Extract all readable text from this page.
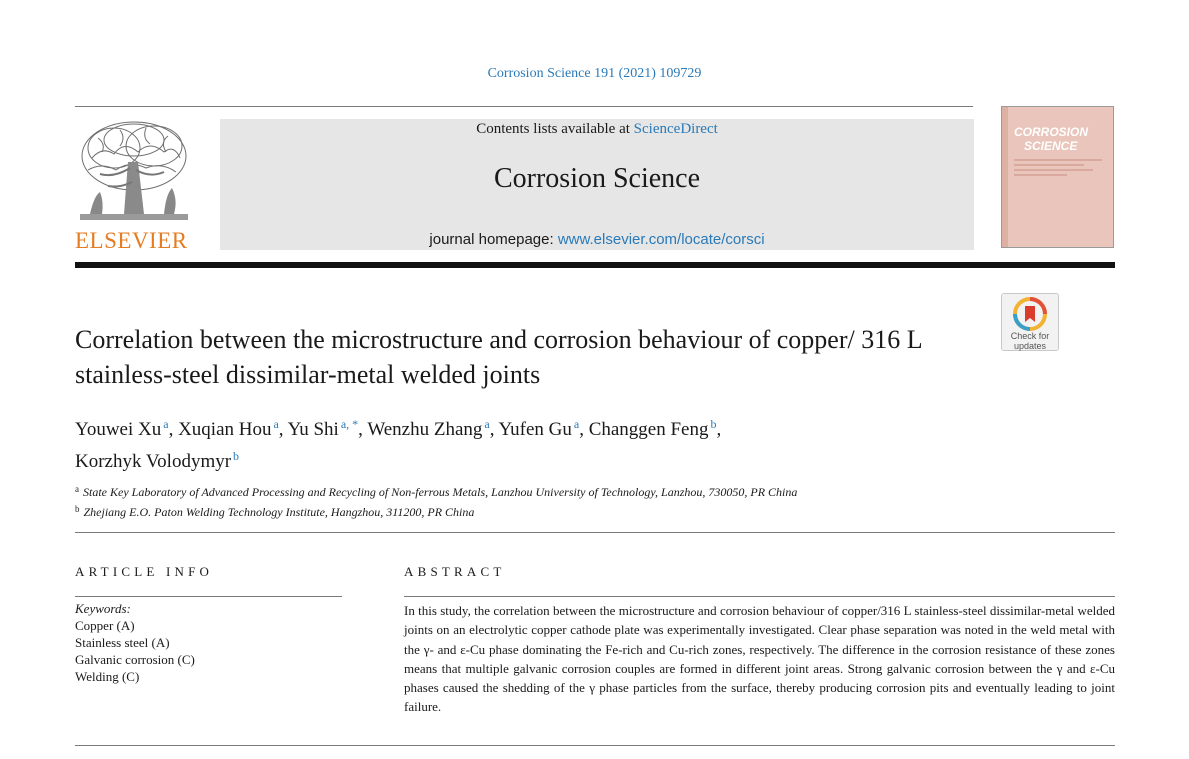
Corrosion Science 191 (2021) 109729
ELSEVIER
Contents lists available at ScienceDirect
Corrosion Science
journal homepage: www.elsevier.com/locate/corsci
CORROSION
SCIENCE
Check for
updates
Correlation between the microstructure and corrosion behaviour of copper/ 316 L stainless-steel dissimilar-metal welded joints
Youwei Xu $^a$, Xuqian Hou $^a$, Yu Shi $^{a, *}$, Wenzhu Zhang $^a$, Yufen Gu $^a$, Changgen Feng $^b$,
Korzhyk Volodymyr $^b$
$^a$ State Key Laboratory of Advanced Processing and Recycling of Non-ferrous Metals, Lanzhou University of Technology, Lanzhou, 730050, PR China
$^b$ Zhejiang E.O. Paton Welding Technology Institute, Hangzhou, 311200, PR China
ARTICLE INFO	ABSTRACT
Keywords:
Copper (A)
Stainless steel (A)
Galvanic corrosion (C)
Welding (C)
In this study, the correlation between the microstructure and corrosion behaviour of copper/316 L stainless-steel dissimilar-metal welded joints on an electrolytic copper cathode plate was experimentally investigated. Clear phase separation was noted in the weld metal with the γ- and ε-Cu phase dominating the Fe-rich and Cu-rich zones, respectively. The difference in the corrosion resistance of these zones means that multiple galvanic corrosion couples are formed in different joint areas. Strong galvanic corrosion between the γ and ε-Cu phases caused the shedding of the γ phase particles from the surface, thereby producing corrosion pits and eventually leading to joint failure.
